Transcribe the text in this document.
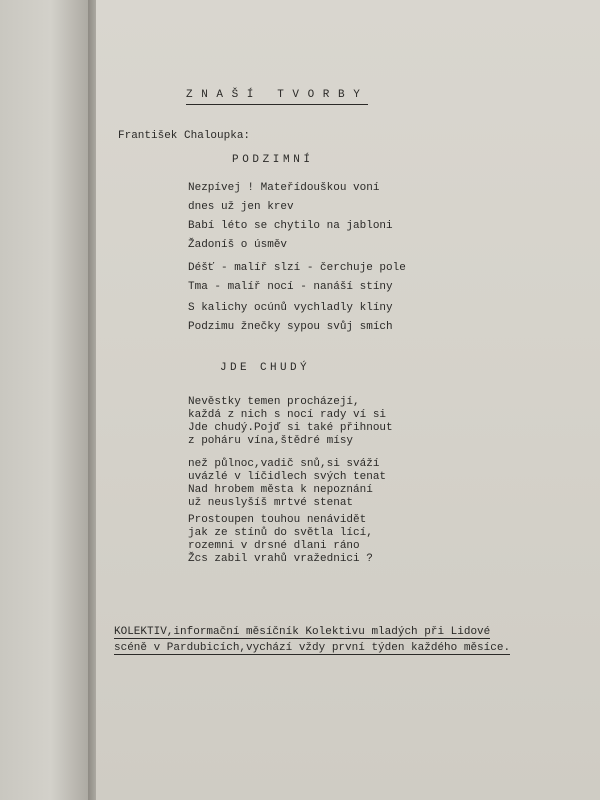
ZNAŠÍ TVORBY
František Chaloupka:
PODZIMNÍ
Nezpívej ! Mateřídouškou voní
dnes už jen krev
Babí léto se chytilo na jabloni
Žadoníš o úsměv
Déšť - malíř slzí - čerchuje pole
Tma - malíř nocí - nanáší stíny
S kalichy ocúnů vychladly klíny
Podzimu žnečky sypou svůj smích
JDE CHUDÝ
Nevěstky temen procházejí,
každá z nich s nocí rady ví si
Jde chudý.Pojď si také přihnout
z poháru vína,štědré mísy
než půlnoc,vadič snů,si sváží
uvázlé v líčidlech svých tenat
Nad hrobem města k nepoznání
už neuslyšíš mrtvé stenat
Prostoupen touhou nenávidět
jak ze stínů do světla lící,
rozemni v drsné dlani ráno
Žcs zabil vrahů vražednici ?
KOLEKTIV,informační měsíčník Kolektivu mladých při Lidové
scéně v Pardubicích,vychází vždy první týden každého měsíce.
